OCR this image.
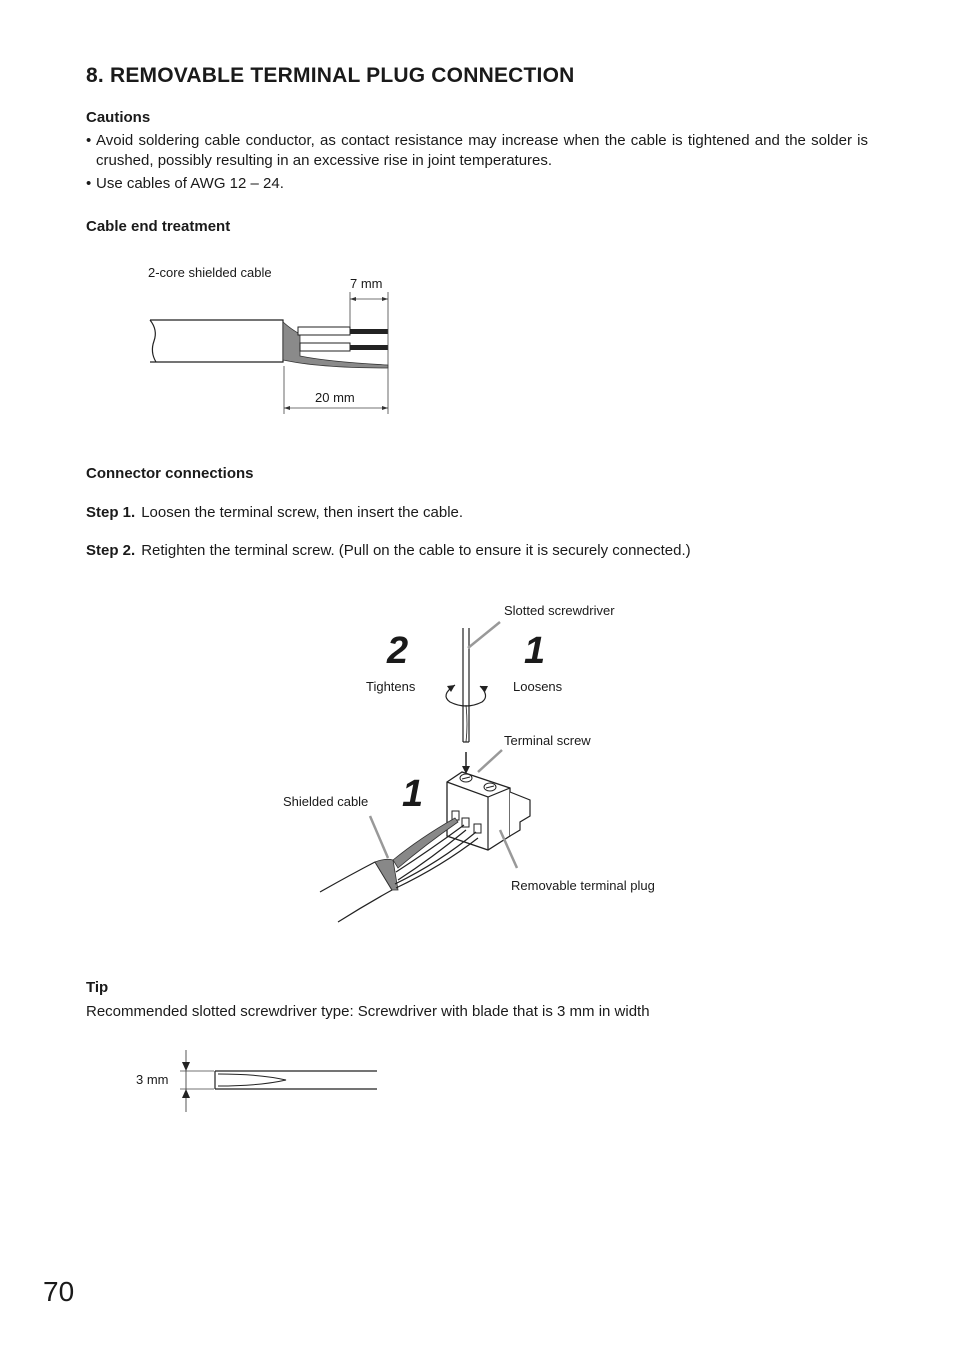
8. REMOVABLE TERMINAL PLUG CONNECTION
Cautions
• Avoid soldering cable conductor, as contact resistance may increase when the cable is tightened and the solder is crushed, possibly resulting in an excessive rise in joint temperatures.
• Use cables of AWG 12 – 24.
Cable end treatment
2-core shielded cable
7 mm
20 mm
Connector connections
Step 1. Loosen the terminal screw, then insert the cable.
Step 2. Retighten the terminal screw. (Pull on the cable to ensure it is securely connected.)
Slotted screwdriver
2	1
Tightens	Loosens
Terminal screw
Shielded cable 1
Removable terminal plug
Tip
Recommended slotted screwdriver type: Screwdriver with blade that is 3 mm in width
3 mm
70
